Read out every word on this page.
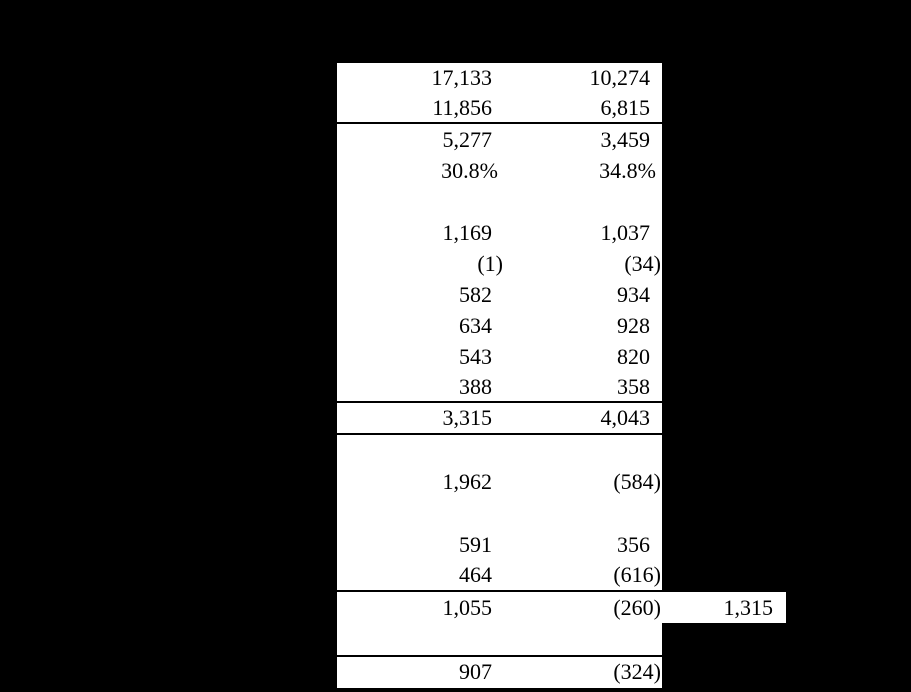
17,133	10,274
11,856	6,815
5,277	3,459
30.8%	34.8%
1,169	1,037
(1)	(34)
582	934
634	928
543	820
388	358
3,315	4,043
1,962	(584)
591	356
464	(616)
1,055	(260)	1,315
907	(324)
